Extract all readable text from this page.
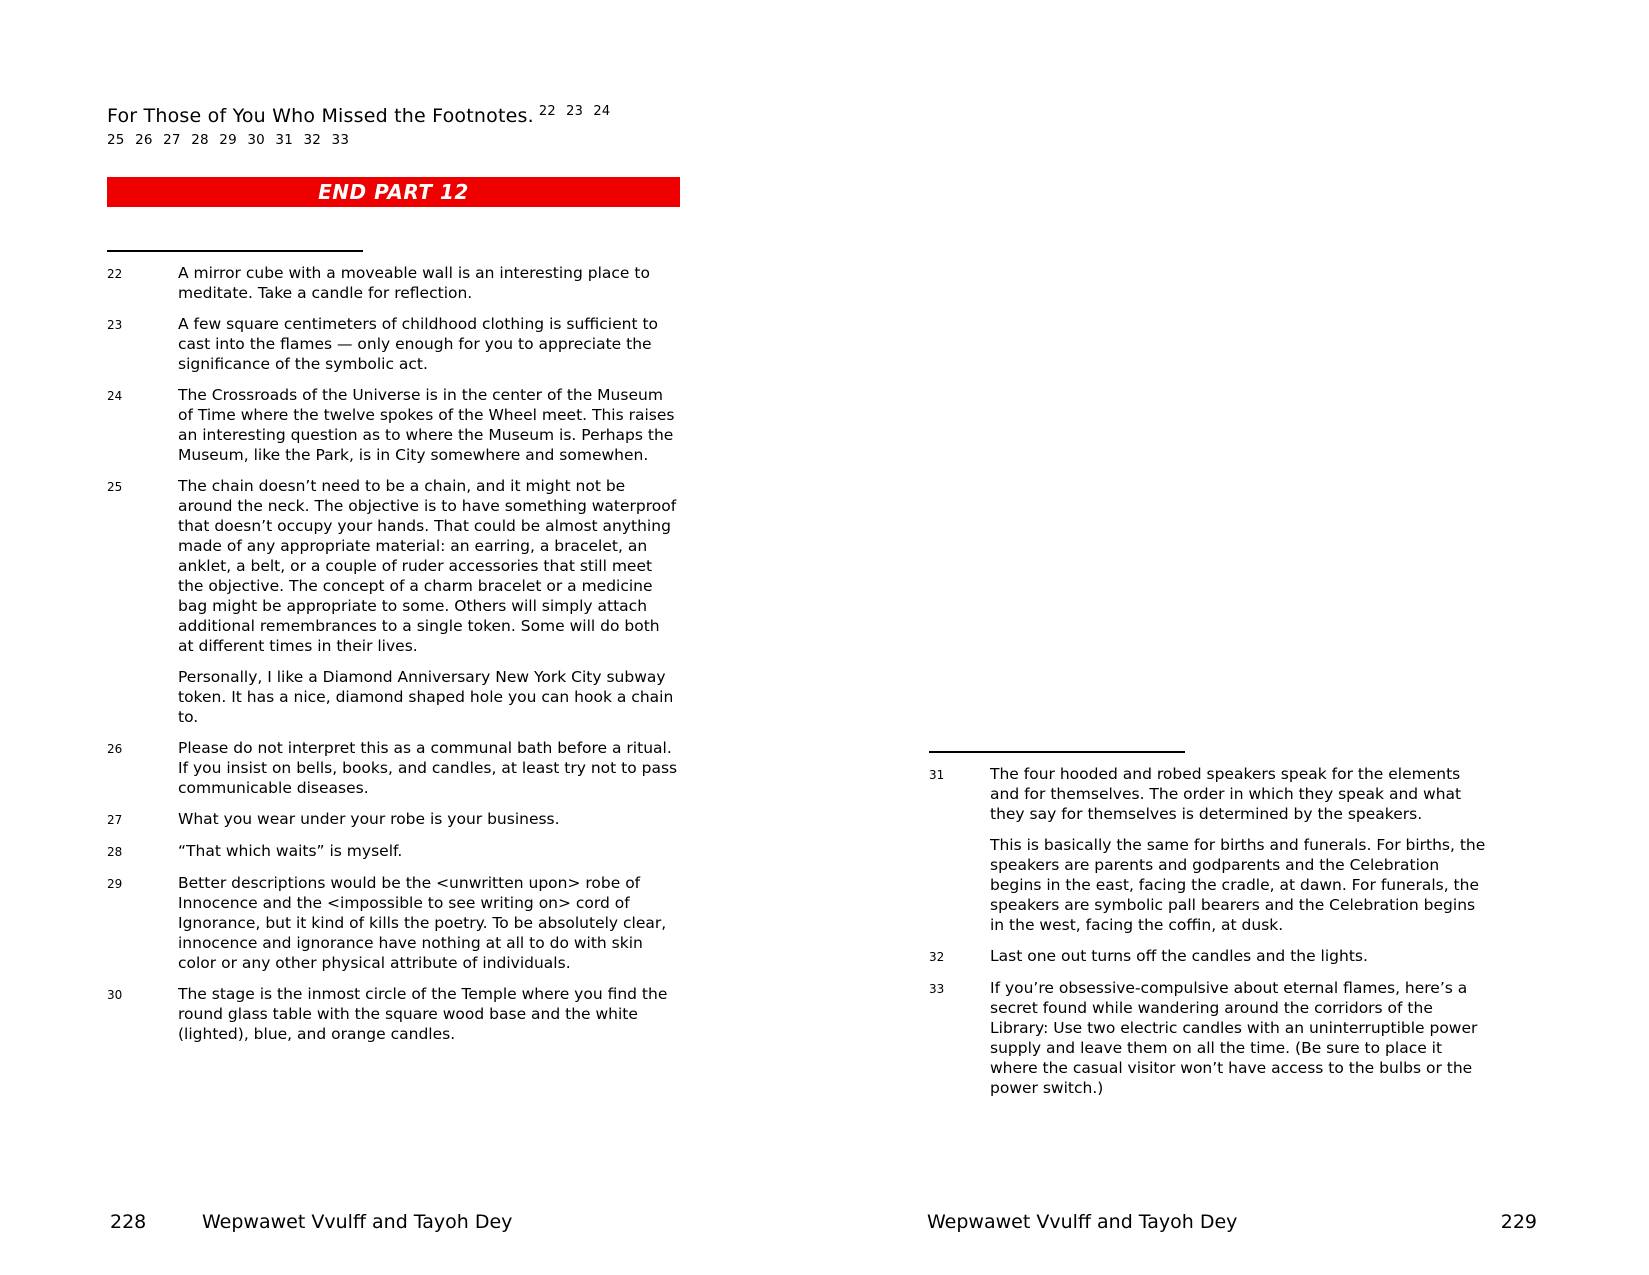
For Those of You Who Missed the Footnotes. $^{22 23 24}$
25 26 27 28 29 30 31 32 33
END PART 12
22	A mirror cube with a moveable wall is an interesting place to meditate. Take a candle for reflection.

23	A few square centimeters of childhood clothing is sufficient to cast into the flames — only enough for you to appreciate the significance of the symbolic act.

24	The Crossroads of the Universe is in the center of the Museum of Time where the twelve spokes of the Wheel meet. This raises an interesting question as to where the Museum is. Perhaps the Museum, like the Park, is in City somewhere and somewhen.

25	The chain doesn’t need to be a chain, and it might not be around the neck. The objective is to have something waterproof that doesn’t occupy your hands. That could be almost anything made of any appropriate material: an earring, a bracelet, an anklet, a belt, or a couple of ruder accessories that still meet the objective. The concept of a charm bracelet or a medicine bag might be appropriate to some. Others will simply attach additional remembrances to a single token. Some will do both at different times in their lives.

Personally, I like a Diamond Anniversary New York City subway token. It has a nice, diamond shaped hole you can hook a chain to.

26	Please do not interpret this as a communal bath before a ritual. If you insist on bells, books, and candles, at least try not to pass communicable diseases.

27	What you wear under your robe is your business.

28	“That which waits” is myself.

29	Better descriptions would be the <unwritten upon> robe of Innocence and the <impossible to see writing on> cord of Ignorance, but it kind of kills the poetry. To be absolutely clear, innocence and ignorance have nothing at all to do with skin color or any other physical attribute of individuals.

30	The stage is the inmost circle of the Temple where you find the round glass table with the square wood base and the white (lighted), blue, and orange candles.

31	The four hooded and robed speakers speak for the elements and for themselves. The order in which they speak and what they say for themselves is determined by the speakers.

This is basically the same for births and funerals. For births, the speakers are parents and godparents and the Celebration begins in the east, facing the cradle, at dawn. For funerals, the speakers are symbolic pall bearers and the Celebration begins in the west, facing the coffin, at dusk.

32	Last one out turns off the candles and the lights.

33	If you’re obsessive-compulsive about eternal flames, here’s a secret found while wandering around the corridors of the Library: Use two electric candles with an uninterruptible power supply and leave them on all the time. (Be sure to place it where the casual visitor won’t have access to the bulbs or the power switch.)

228	Wepwawet Vvulff and Tayoh Dey	Wepwawet Vvulff and Tayoh Dey	229
